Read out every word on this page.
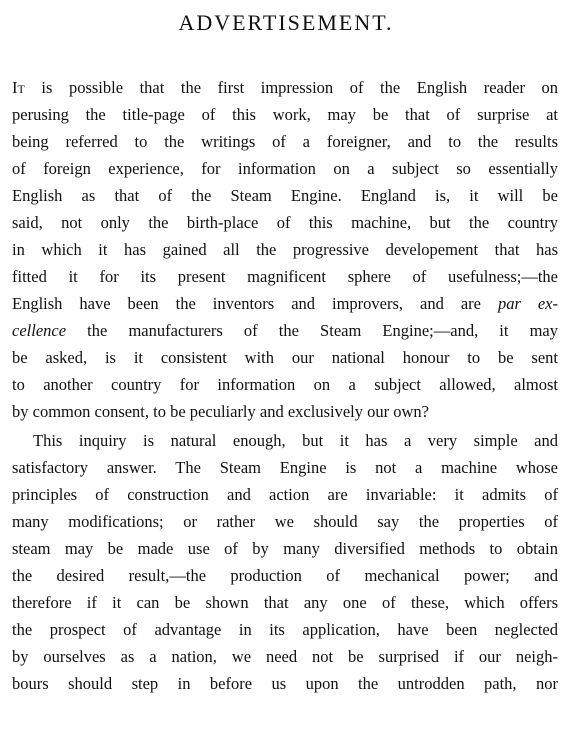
ADVERTISEMENT.
It is possible that the first impression of the English reader on
perusing the title-page of this work, may be that of surprise at
being referred to the writings of a foreigner, and to the results
of foreign experience, for information on a subject so essentially
English as that of the Steam Engine. England is, it will be
said, not only the birth-place of this machine, but the country
in which it has gained all the progressive developement that has
fitted it for its present magnificent sphere of usefulness;—the
English have been the inventors and improvers, and are par ex-
cellence the manufacturers of the Steam Engine;—and, it may
be asked, is it consistent with our national honour to be sent
to another country for information on a subject allowed, almost
by common consent, to be peculiarly and exclusively our own?
This inquiry is natural enough, but it has a very simple and
satisfactory answer. The Steam Engine is not a machine whose
principles of construction and action are invariable: it admits of
many modifications; or rather we should say the properties of
steam may be made use of by many diversified methods to obtain
the desired result,—the production of mechanical power; and
therefore if it can be shown that any one of these, which offers
the prospect of advantage in its application, have been neglected
by ourselves as a nation, we need not be surprised if our neigh-
bours should step in before us upon the untrodden path, nor
